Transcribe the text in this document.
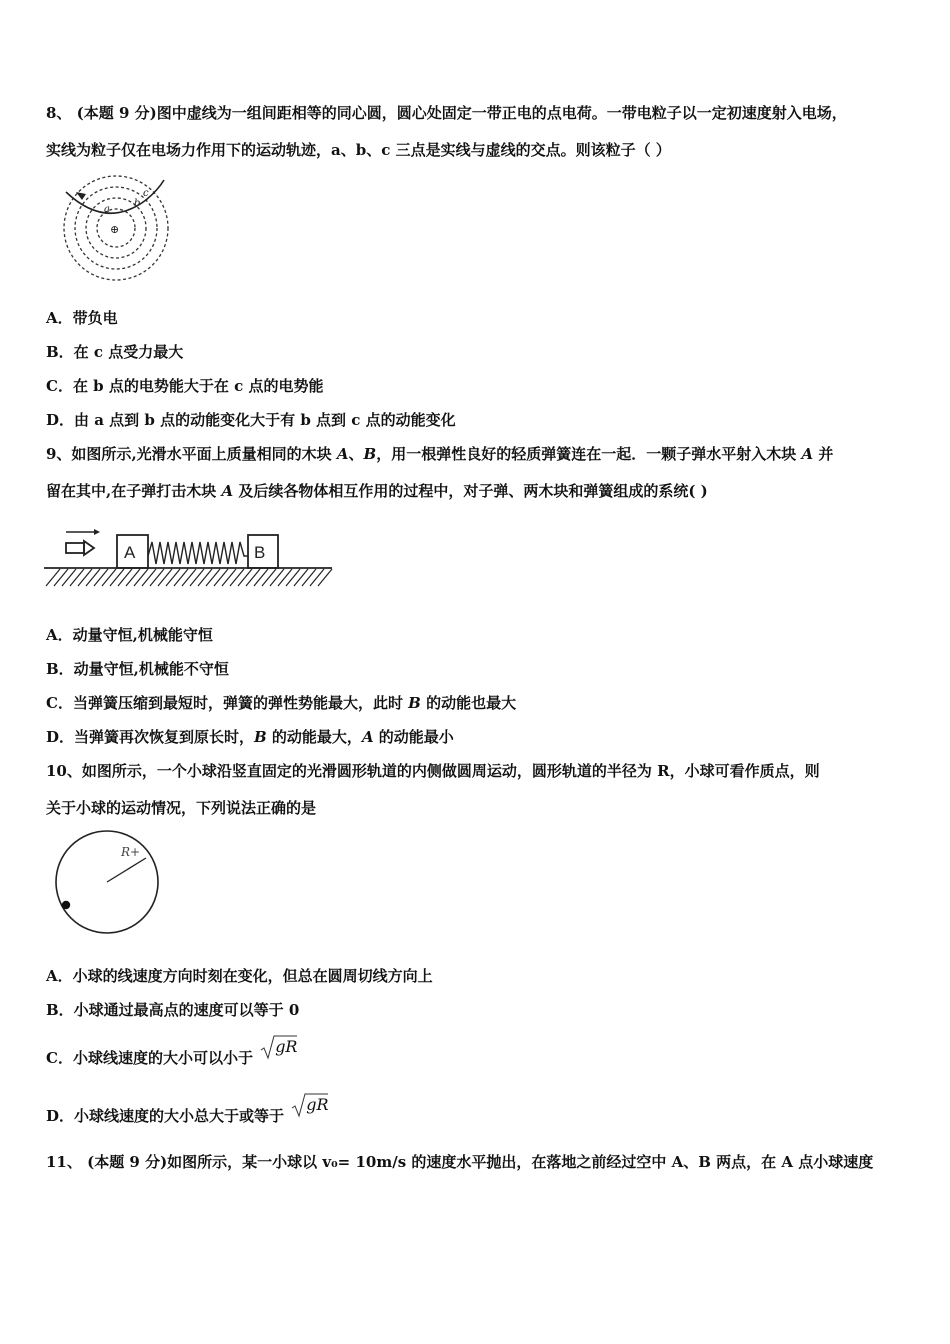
8、 (本题 9 分)图中虚线为一组间距相等的同心圆，圆心处固定一带正电的点电荷。一带电粒子以一定初速度射入电场，
实线为粒子仅在电场力作用下的运动轨迹，a、b、c 三点是实线与虚线的交点。则该粒子（ ）
a
b
c
⊕
A．带负电
B．在 c 点受力最大
C．在 b 点的电势能大于在 c 点的电势能
D．由 a 点到 b 点的动能变化大于有 b 点到 c 点的动能变化
9、如图所示,光滑水平面上质量相同的木块 A、B，用一根弹性良好的轻质弹簧连在一起．一颗子弹水平射入木块 A 并
留在其中,在子弹打击木块 A 及后续各物体相互作用的过程中，对子弹、两木块和弹簧组成的系统( )
A	B
A．动量守恒,机械能守恒
B．动量守恒,机械能不守恒
C．当弹簧压缩到最短时，弹簧的弹性势能最大，此时 B 的动能也最大
D．当弹簧再次恢复到原长时，B 的动能最大，A 的动能最小
10、如图所示，一个小球沿竖直固定的光滑圆形轨道的内侧做圆周运动，圆形轨道的半径为 R，小球可看作质点，则
关于小球的运动情况，下列说法正确的是
R+
A．小球的线速度方向时刻在变化，但总在圆周切线方向上
B．小球通过最高点的速度可以等于 0
C．小球线速度的大小可以小于
gR
D．小球线速度的大小总大于或等于
gR
11、 (本题 9 分)如图所示，某一小球以 v₀= 10m/s 的速度水平抛出，在落地之前经过空中 A、B 两点，在 A 点小球速度
